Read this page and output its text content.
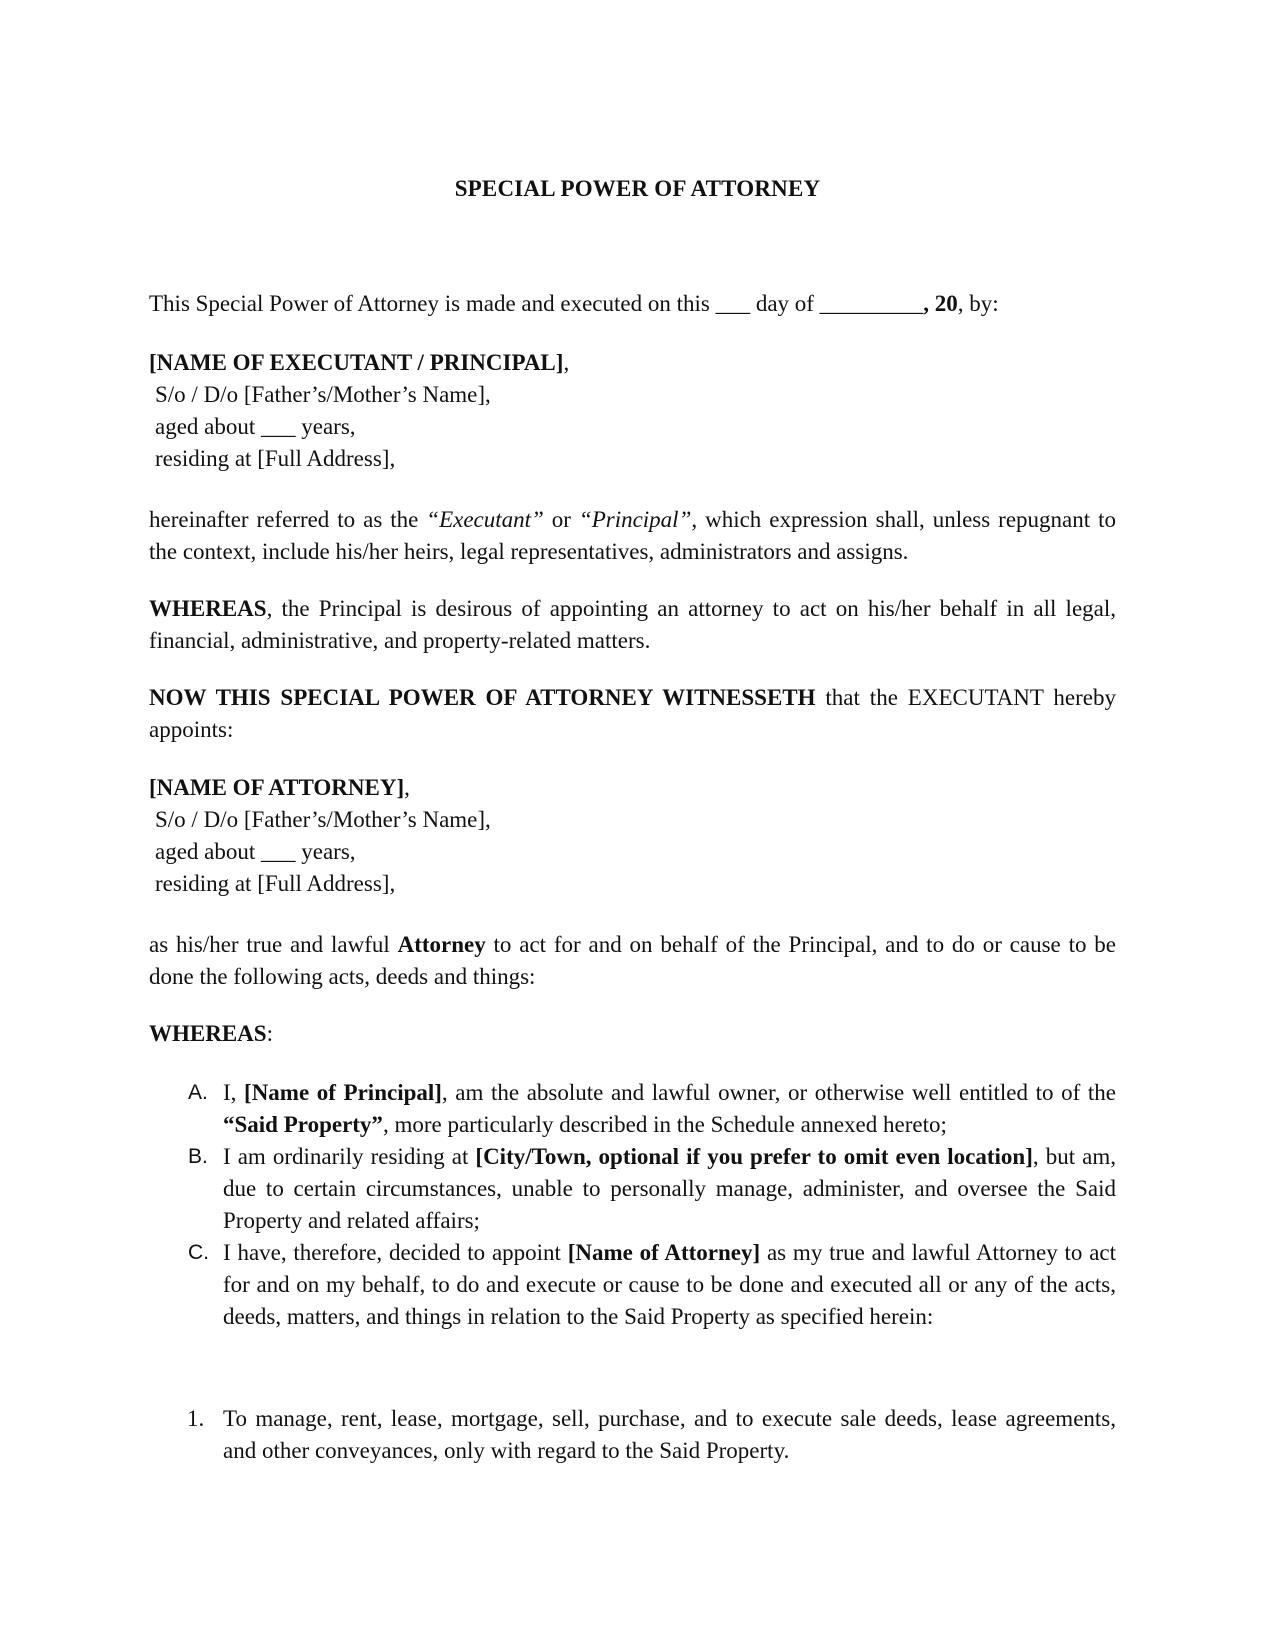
SPECIAL POWER OF ATTORNEY

This Special Power of Attorney is made and executed on this ___ day of _________, 20, by:

[NAME OF EXECUTANT / PRINCIPAL],
S/o / D/o [Father’s/Mother’s Name],
aged about ___ years,
residing at [Full Address],

hereinafter referred to as the “Executant” or “Principal”, which expression shall, unless repugnant to the context, include his/her heirs, legal representatives, administrators and assigns.

WHEREAS, the Principal is desirous of appointing an attorney to act on his/her behalf in all legal, financial, administrative, and property-related matters.

NOW THIS SPECIAL POWER OF ATTORNEY WITNESSETH that the EXECUTANT hereby appoints:

[NAME OF ATTORNEY],
S/o / D/o [Father’s/Mother’s Name],
aged about ___ years,
residing at [Full Address],

as his/her true and lawful Attorney to act for and on behalf of the Principal, and to do or cause to be done the following acts, deeds and things:

WHEREAS:

A. I, [Name of Principal], am the absolute and lawful owner, or otherwise well entitled to of the “Said Property”, more particularly described in the Schedule annexed hereto;
B. I am ordinarily residing at [City/Town, optional if you prefer to omit even location], but am, due to certain circumstances, unable to personally manage, administer, and oversee the Said Property and related affairs;
C. I have, therefore, decided to appoint [Name of Attorney] as my true and lawful Attorney to act for and on my behalf, to do and execute or cause to be done and executed all or any of the acts, deeds, matters, and things in relation to the Said Property as specified herein:
1. To manage, rent, lease, mortgage, sell, purchase, and to execute sale deeds, lease agreements, and other conveyances, only with regard to the Said Property.
